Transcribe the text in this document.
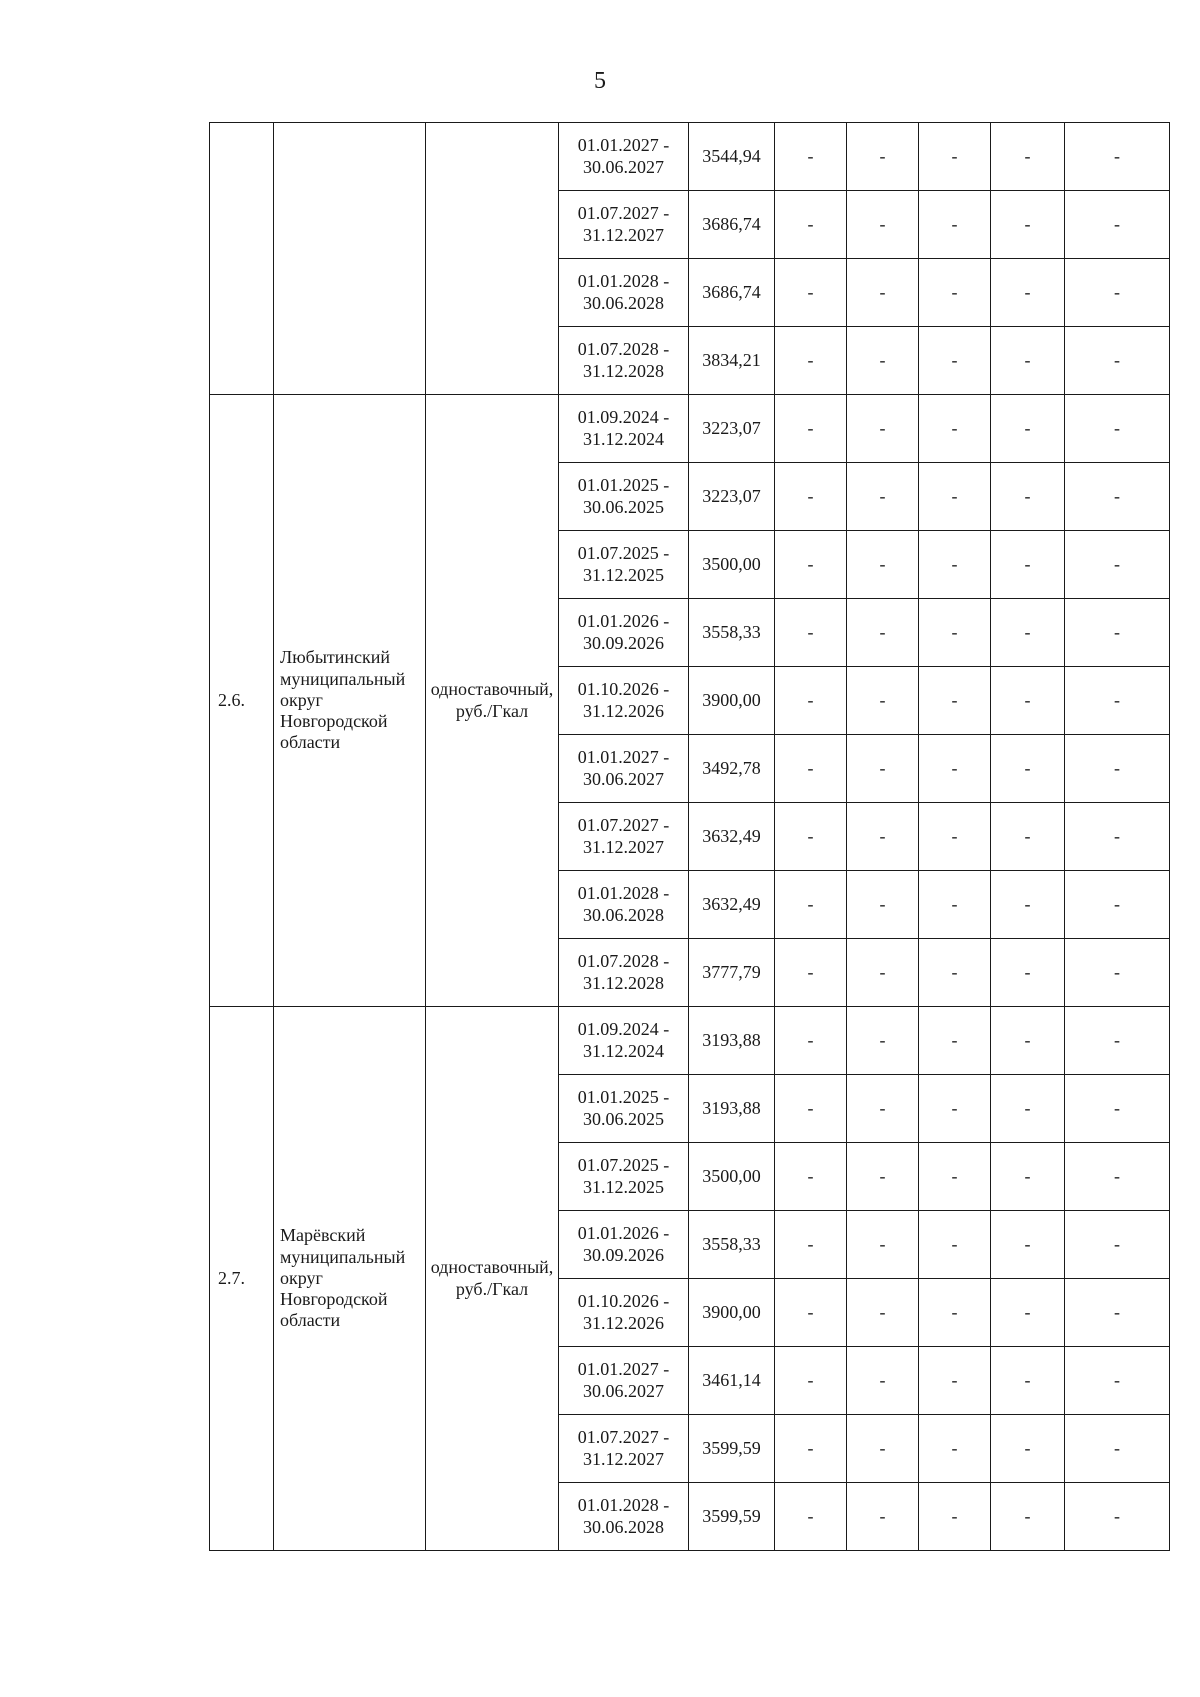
5

			01.01.2027 -
30.06.2027	3544,94	-	-	-	-	-

			01.07.2027 -
31.12.2027	3686,74	-	-	-	-	-

			01.01.2028 -
30.06.2028	3686,74	-	-	-	-	-

			01.07.2028 -
31.12.2028	3834,21	-	-	-	-	-
2.6.	Любытинский муниципальный округ Новгородской области	одноставочный, руб./Гкал	01.09.2024 -
31.12.2024	3223,07	-	-	-	-	-

			01.01.2025 -
30.06.2025	3223,07	-	-	-	-	-

			01.07.2025 -
31.12.2025	3500,00	-	-	-	-	-

			01.01.2026 -
30.09.2026	3558,33	-	-	-	-	-

			01.10.2026 -
31.12.2026	3900,00	-	-	-	-	-

			01.01.2027 -
30.06.2027	3492,78	-	-	-	-	-

			01.07.2027 -
31.12.2027	3632,49	-	-	-	-	-

			01.01.2028 -
30.06.2028	3632,49	-	-	-	-	-

			01.07.2028 -
31.12.2028	3777,79	-	-	-	-	-
2.7.	Марёвский муниципальный округ Новгородской области	одноставочный, руб./Гкал	01.09.2024 -
31.12.2024	3193,88	-	-	-	-	-

			01.01.2025 -
30.06.2025	3193,88	-	-	-	-	-

			01.07.2025 -
31.12.2025	3500,00	-	-	-	-	-

			01.01.2026 -
30.09.2026	3558,33	-	-	-	-	-

			01.10.2026 -
31.12.2026	3900,00	-	-	-	-	-

			01.01.2027 -
30.06.2027	3461,14	-	-	-	-	-

			01.07.2027 -
31.12.2027	3599,59	-	-	-	-	-

			01.01.2028 -
30.06.2028	3599,59	-	-	-	-	-
